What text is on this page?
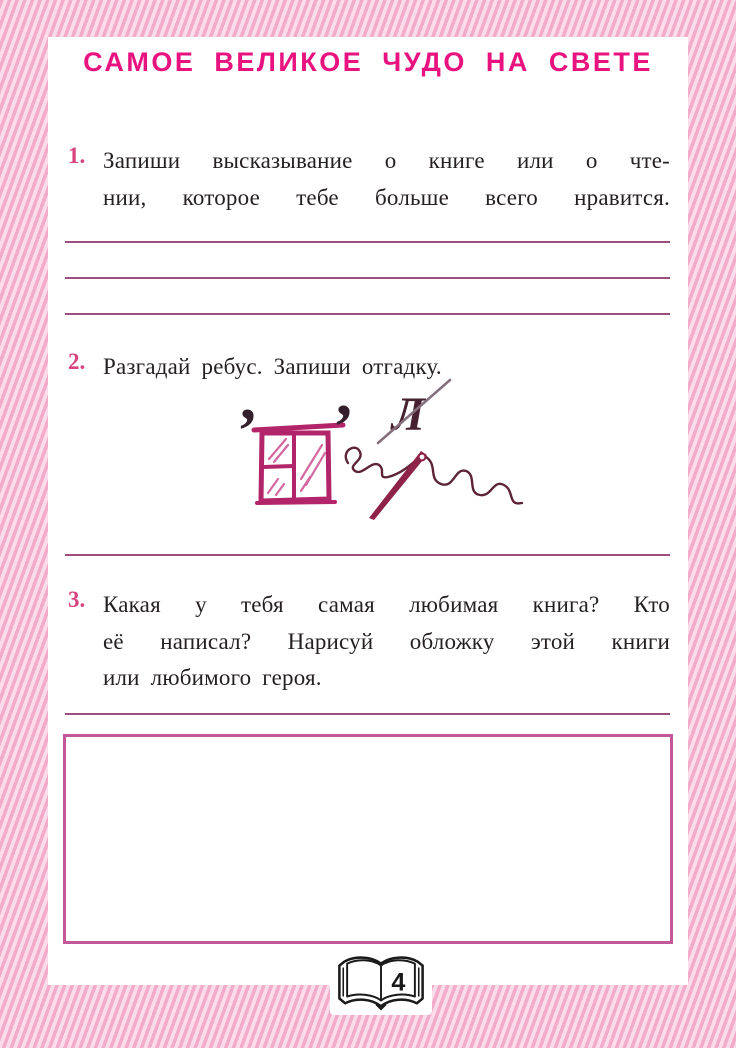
САМОЕ ВЕЛИКОЕ ЧУДО НА СВЕТЕ
1. Запиши высказывание о книге или о чте-
нии, которое тебе больше всего нравится.
2. Разгадай ребус. Запиши отгадку.
, , Л
3. Какая у тебя самая любимая книга? Кто
её написал? Нарисуй обложку этой книги
или любимого героя.
4
